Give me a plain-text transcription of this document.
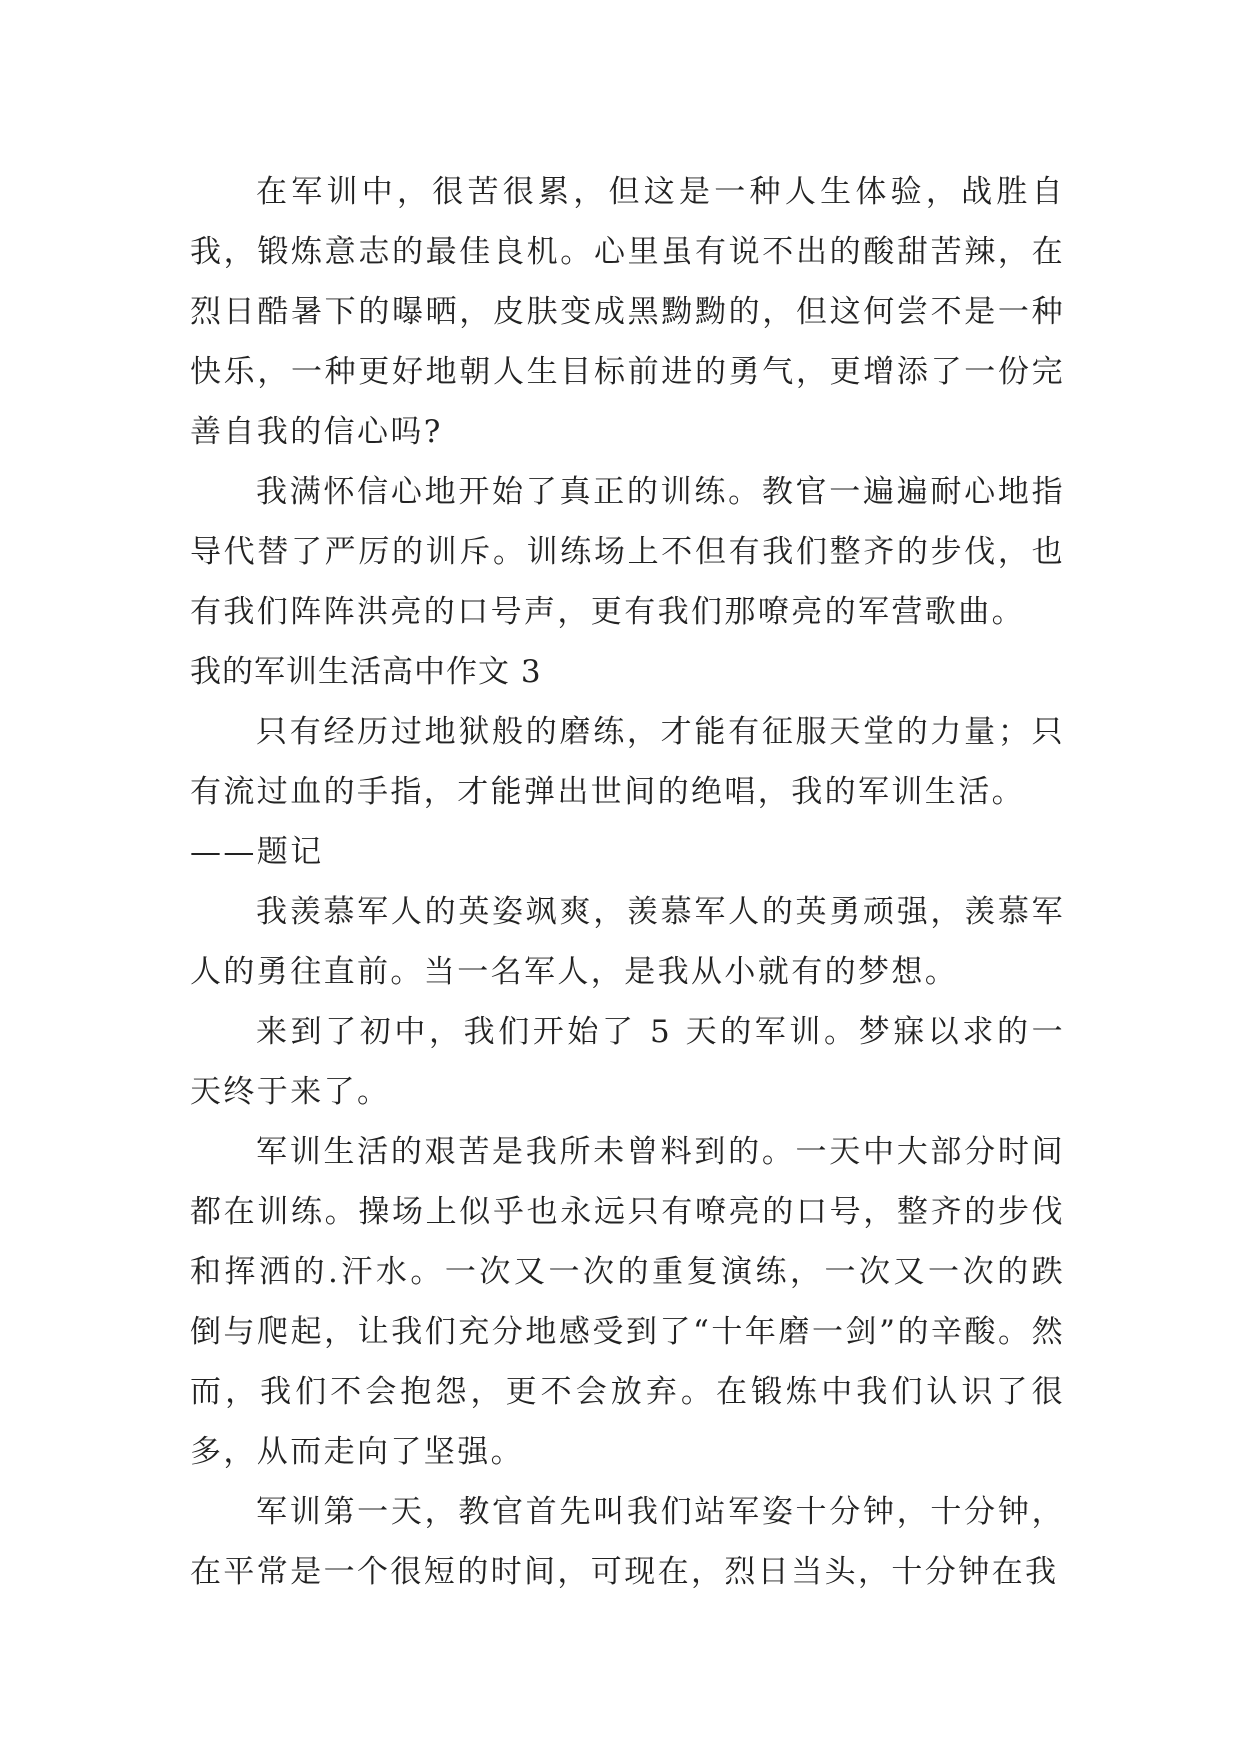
在军训中，很苦很累，但这是一种人生体验，战胜自我，锻炼意志的最佳良机。心里虽有说不出的酸甜苦辣，在烈日酷暑下的曝晒，皮肤变成黑黝黝的，但这何尝不是一种快乐，一种更好地朝人生目标前进的勇气，更增添了一份完善自我的信心吗?

我满怀信心地开始了真正的训练。教官一遍遍耐心地指导代替了严厉的训斥。训练场上不但有我们整齐的步伐，也有我们阵阵洪亮的口号声，更有我们那嘹亮的军营歌曲。

我的军训生活高中作文 3

只有经历过地狱般的磨练，才能有征服天堂的力量；只有流过血的手指，才能弹出世间的绝唱，我的军训生活。

——题记

我羡慕军人的英姿飒爽，羡慕军人的英勇顽强，羡慕军人的勇往直前。当一名军人，是我从小就有的梦想。

来到了初中，我们开始了 5 天的军训。梦寐以求的一天终于来了。

军训生活的艰苦是我所未曾料到的。一天中大部分时间都在训练。操场上似乎也永远只有嘹亮的口号，整齐的步伐和挥洒的.汗水。一次又一次的重复演练，一次又一次的跌倒与爬起，让我们充分地感受到了“十年磨一剑”的辛酸。然而，我们不会抱怨，更不会放弃。在锻炼中我们认识了很多，从而走向了坚强。

军训第一天，教官首先叫我们站军姿十分钟，十分钟，在平常是一个很短的时间，可现在，烈日当头，十分钟在我
